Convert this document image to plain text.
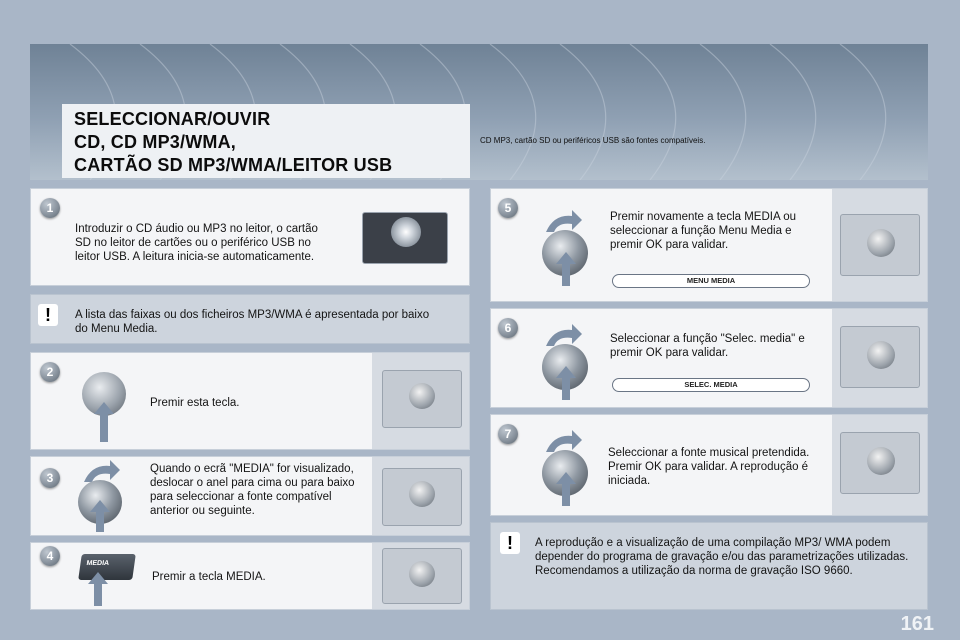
SELECCIONAR/OUVIR
CD, CD MP3/WMA,
CARTÃO SD MP3/WMA/LEITOR USB
CD MP3, cartão SD ou periféricos USB são fontes compatíveis.
1
Introduzir o CD áudio ou MP3 no leitor, o cartão SD no leitor de cartões ou o periférico USB no leitor USB. A leitura inicia-se automaticamente.
!	A lista das faixas ou dos ficheiros MP3/WMA é apresentada por baixo do Menu Media.
2
Premir esta tecla.
3
Quando o ecrã "MEDIA" for visualizado, deslocar o anel para cima ou para baixo para seleccionar a fonte compatível anterior ou seguinte.
4
MEDIA
Premir a tecla MEDIA.
5
Premir novamente a tecla MEDIA ou seleccionar a função Menu Media e premir OK para validar.
MENU MEDIA
6
Seleccionar a função "Selec. media" e premir OK para validar.
SELEC. MEDIA
7
Seleccionar a fonte musical pretendida. Premir OK para validar. A reprodução é iniciada.
!	A reprodução e a visualização de uma compilação MP3/ WMA podem depender do programa de gravação e/ou das parametrizações utilizadas. Recomendamos a utilização da norma de gravação ISO 9660.
161
